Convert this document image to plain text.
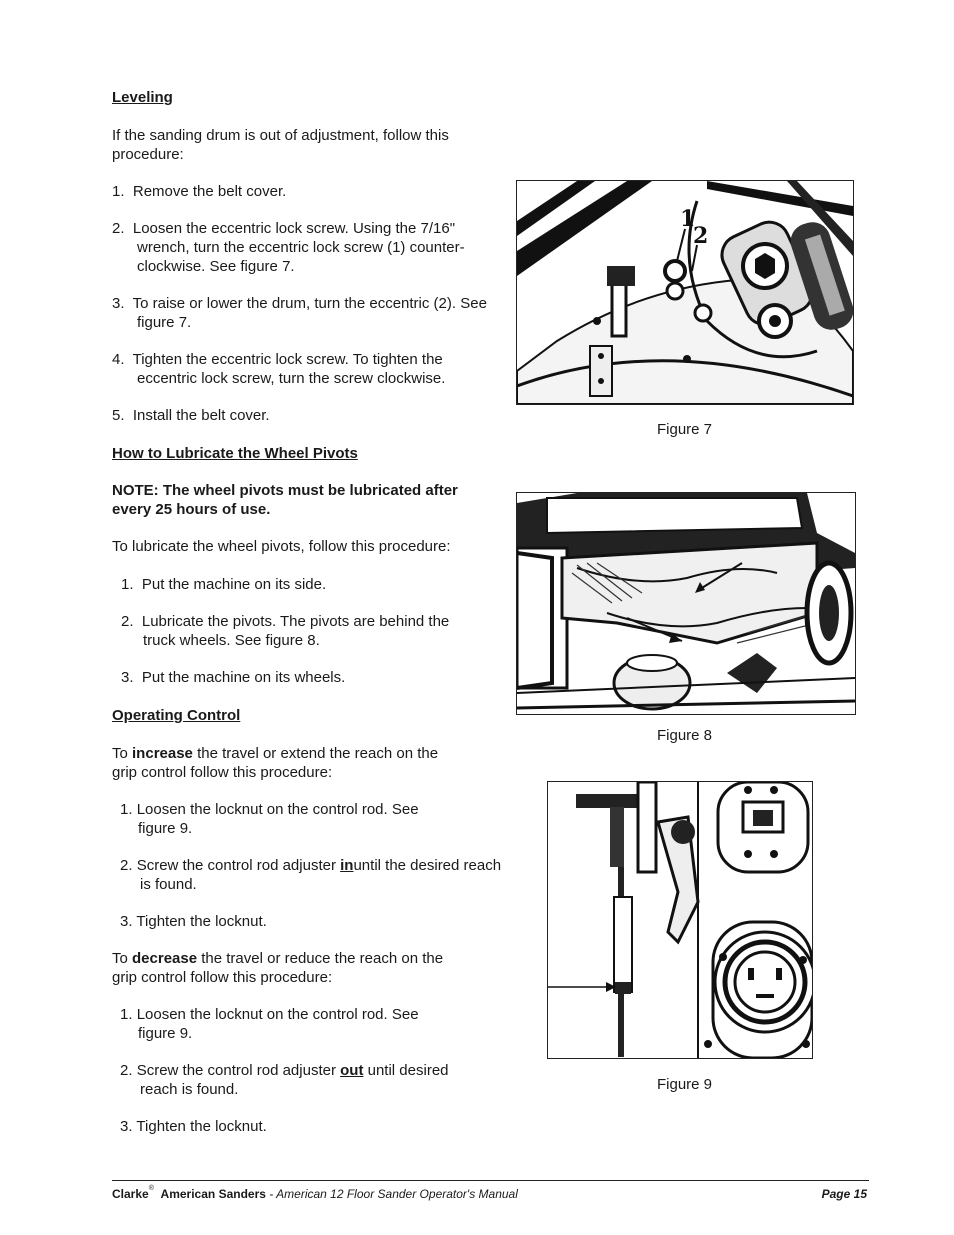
Leveling

If the sanding drum is out of adjustment, follow this procedure:

1. Remove the belt cover.
2. Loosen the eccentric lock screw. Using the 7/16" wrench, turn the eccentric lock screw (1) counter-clockwise. See figure 7.
3. To raise or lower the drum, turn the eccentric (2). See figure 7.
4. Tighten the eccentric lock screw. To tighten the eccentric lock screw, turn the screw clockwise.
5. Install the belt cover.

How to Lubricate the Wheel Pivots

NOTE: The wheel pivots must be lubricated after every 25 hours of use.

To lubricate the wheel pivots, follow this procedure:

1. Put the machine on its side.
2. Lubricate the pivots. The pivots are behind the truck wheels. See figure 8.
3. Put the machine on its wheels.

Operating Control

To increase the travel or extend the reach on the grip control follow this procedure:

1. Loosen the locknut on the control rod. See figure 9.
2. Screw the control rod adjuster inuntil the desired reach is found.
3. Tighten the locknut.

To decrease the travel or reduce the reach on the grip control follow this procedure:

1. Loosen the locknut on the control rod. See figure 9.
2. Screw the control rod adjuster out until desired reach is found.
3. Tighten the locknut.
1
2
Figure 7
Figure 8
Figure 9
Clarke® American Sanders - American 12 Floor Sander Operator's Manual	Page 15
